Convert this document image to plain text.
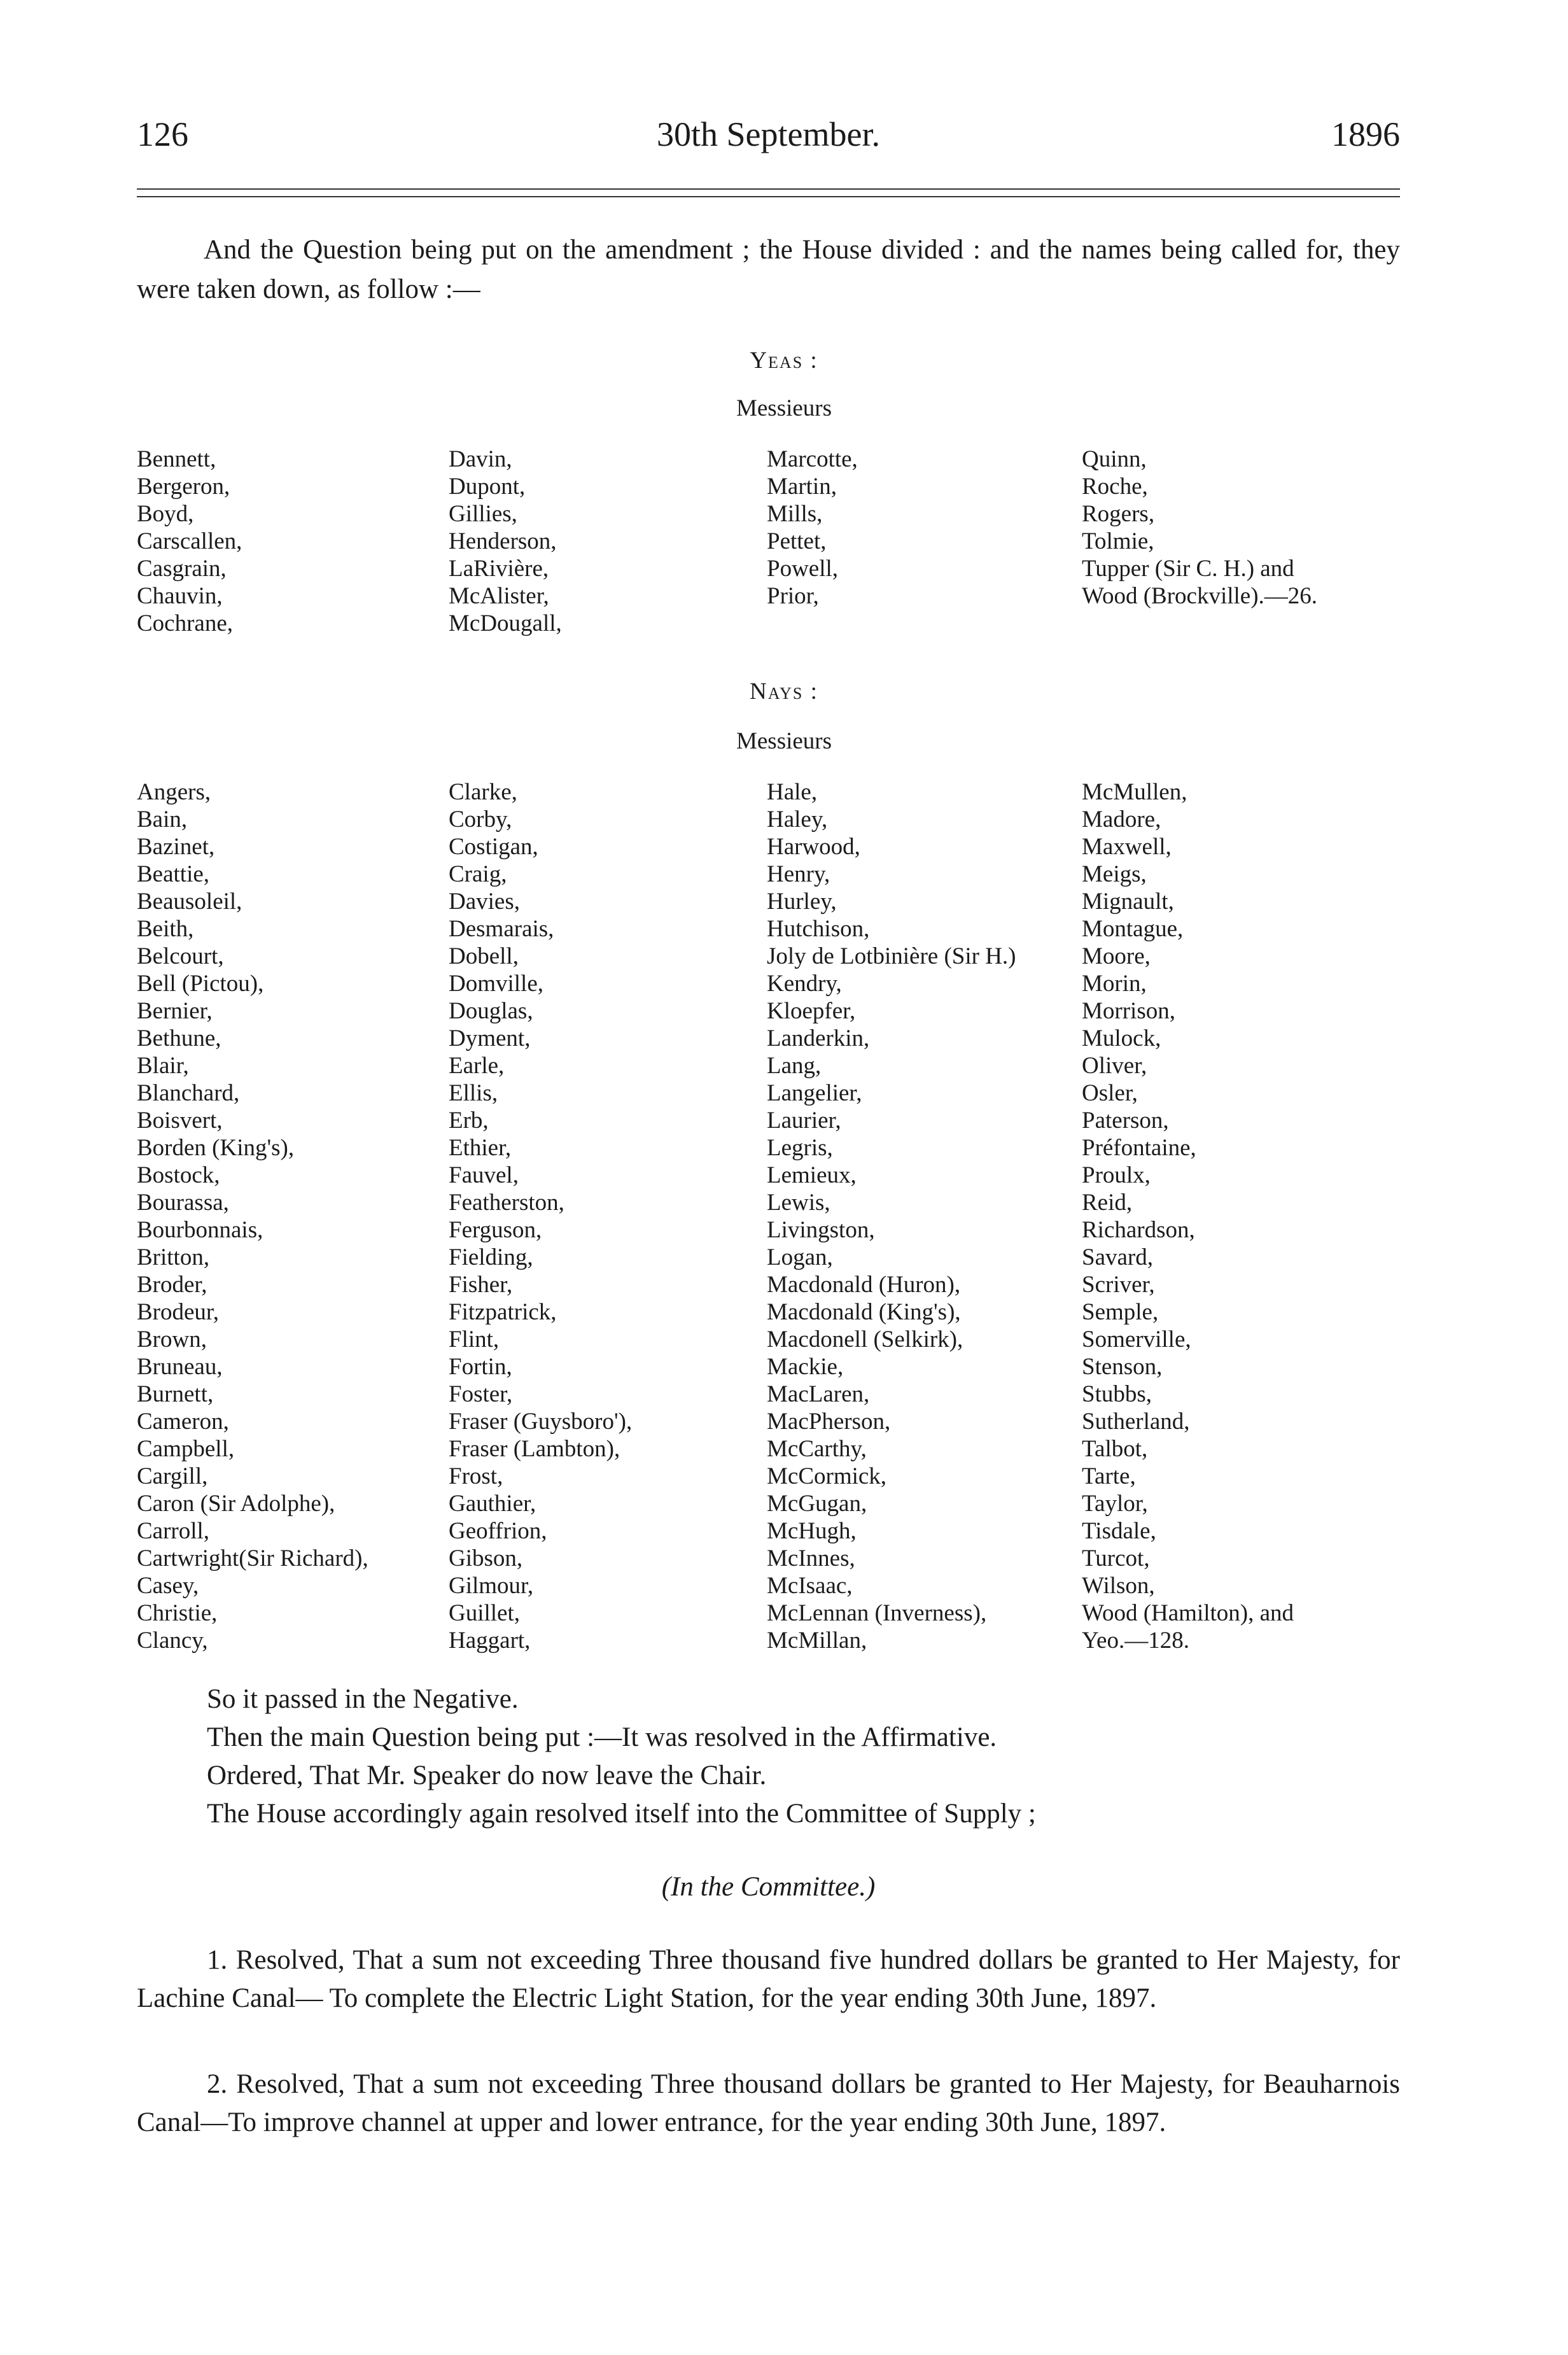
126	30th September.	1896
And the Question being put on the amendment ; the House divided : and the names being called for, they were taken down, as follow :—
Yeas :
Messieurs
Bennett,
Bergeron,
Boyd,
Carscallen,
Casgrain,
Chauvin,
Cochrane,
Davin,
Dupont,
Gillies,
Henderson,
LaRivière,
McAlister,
McDougall,
Marcotte,
Martin,
Mills,
Pettet,
Powell,
Prior,
Quinn,
Roche,
Rogers,
Tolmie,
Tupper (Sir C. H.) and
Wood (Brockville).—26.
Nays :
Messieurs
Angers,
Bain,
Bazinet,
Beattie,
Beausoleil,
Beith,
Belcourt,
Bell (Pictou),
Bernier,
Bethune,
Blair,
Blanchard,
Boisvert,
Borden (King's),
Bostock,
Bourassa,
Bourbonnais,
Britton,
Broder,
Brodeur,
Brown,
Bruneau,
Burnett,
Cameron,
Campbell,
Cargill,
Caron (Sir Adolphe),
Carroll,
Cartwright(Sir Richard),
Casey,
Christie,
Clancy,
Clarke,
Corby,
Costigan,
Craig,
Davies,
Desmarais,
Dobell,
Domville,
Douglas,
Dyment,
Earle,
Ellis,
Erb,
Ethier,
Fauvel,
Featherston,
Ferguson,
Fielding,
Fisher,
Fitzpatrick,
Flint,
Fortin,
Foster,
Fraser (Guysboro'),
Fraser (Lambton),
Frost,
Gauthier,
Geoffrion,
Gibson,
Gilmour,
Guillet,
Haggart,
Hale,
Haley,
Harwood,
Henry,
Hurley,
Hutchison,
Joly de Lotbinière (Sir H.)
Kendry,
Kloepfer,
Landerkin,
Lang,
Langelier,
Laurier,
Legris,
Lemieux,
Lewis,
Livingston,
Logan,
Macdonald (Huron),
Macdonald (King's),
Macdonell (Selkirk),
Mackie,
MacLaren,
MacPherson,
McCarthy,
McCormick,
McGugan,
McHugh,
McInnes,
McIsaac,
McLennan (Inverness),
McMillan,
McMullen,
Madore,
Maxwell,
Meigs,
Mignault,
Montague,
Moore,
Morin,
Morrison,
Mulock,
Oliver,
Osler,
Paterson,
Préfontaine,
Proulx,
Reid,
Richardson,
Savard,
Scriver,
Semple,
Somerville,
Stenson,
Stubbs,
Sutherland,
Talbot,
Tarte,
Taylor,
Tisdale,
Turcot,
Wilson,
Wood (Hamilton), and
Yeo.—128.

So it passed in the Negative.

Then the main Question being put :—It was resolved in the Affirmative.

Ordered, That Mr. Speaker do now leave the Chair.

The House accordingly again resolved itself into the Committee of Supply ;

(In the Committee.)

1. Resolved, That a sum not exceeding Three thousand five hundred dollars be granted to Her Majesty, for Lachine Canal— To complete the Electric Light Station, for the year ending 30th June, 1897.

2. Resolved, That a sum not exceeding Three thousand dollars be granted to Her Majesty, for Beauharnois Canal—To improve channel at upper and lower entrance, for the year ending 30th June, 1897.
